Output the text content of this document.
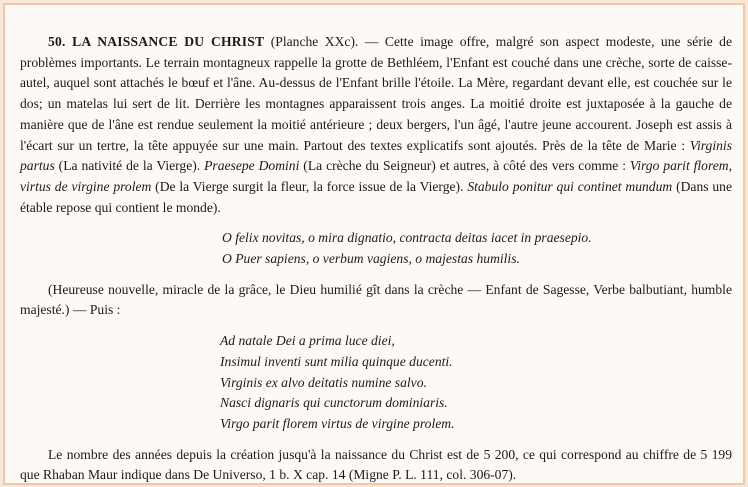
50. LA NAISSANCE DU CHRIST (Planche XXc). — Cette image offre, malgré son aspect modeste, une série de problèmes importants. Le terrain montagneux rappelle la grotte de Bethléem, l'Enfant est couché dans une crèche, sorte de caisse-autel, auquel sont attachés le bœuf et l'âne. Au-dessus de l'Enfant brille l'étoile. La Mère, regardant devant elle, est couchée sur le dos; un matelas lui sert de lit. Derrière les montagnes apparaissent trois anges. La moitié droite est juxtaposée à la gauche de manière que de l'âne est rendue seulement la moitié antérieure ; deux bergers, l'un âgé, l'autre jeune accourent. Joseph est assis à l'écart sur un tertre, la tête appuyée sur une main. Partout des textes explicatifs sont ajoutés. Près de la tête de Marie : Virginis partus (La nativité de la Vierge). Praesepe Domini (La crèche du Seigneur) et autres, à côté des vers comme : Virgo parit florem, virtus de virgine prolem (De la Vierge surgit la fleur, la force issue de la Vierge). Stabulo ponitur qui continet mundum (Dans une étable repose qui contient le monde).

O felix novitas, o mira dignatio, contracta deitas iacet in praesepio.
O Puer sapiens, o verbum vagiens, o majestas humilis.

(Heureuse nouvelle, miracle de la grâce, le Dieu humilié gît dans la crèche — Enfant de Sagesse, Verbe balbutiant, humble majesté.) — Puis :

Ad natale Dei a prima luce diei,
Insimul inventi sunt milia quinque ducenti.
Virginis ex alvo deitatis numine salvo.
Nasci dignaris qui cunctorum dominiaris.
Virgo parit florem virtus de virgine prolem.

Le nombre des années depuis la création jusqu'à la naissance du Christ est de 5 200, ce qui correspond au chiffre de 5 199 que Rhaban Maur indique dans De Universo, 1 b. X cap. 14 (Migne P. L. 111, col. 306-07).
